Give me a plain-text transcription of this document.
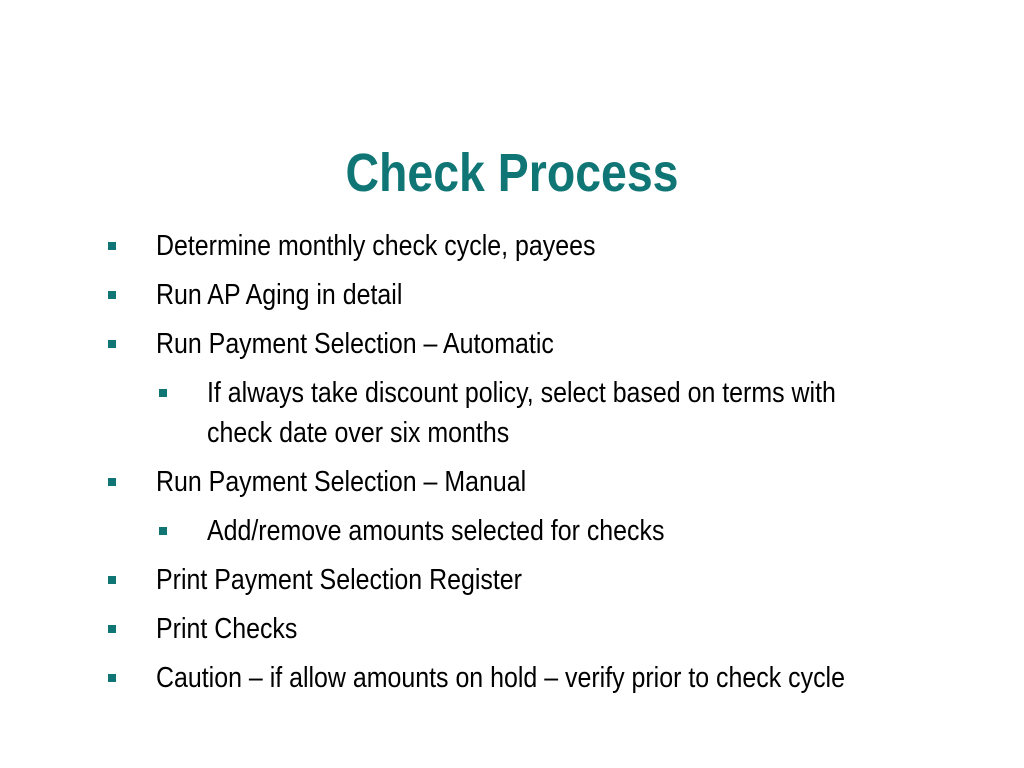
Check Process
Determine monthly check cycle, payees
Run AP Aging in detail
Run Payment Selection – Automatic
If always take discount policy, select based on terms with
check date over six months
Run Payment Selection – Manual
Add/remove amounts selected for checks
Print Payment Selection Register
Print Checks
Caution – if allow amounts on hold – verify prior to check cycle
